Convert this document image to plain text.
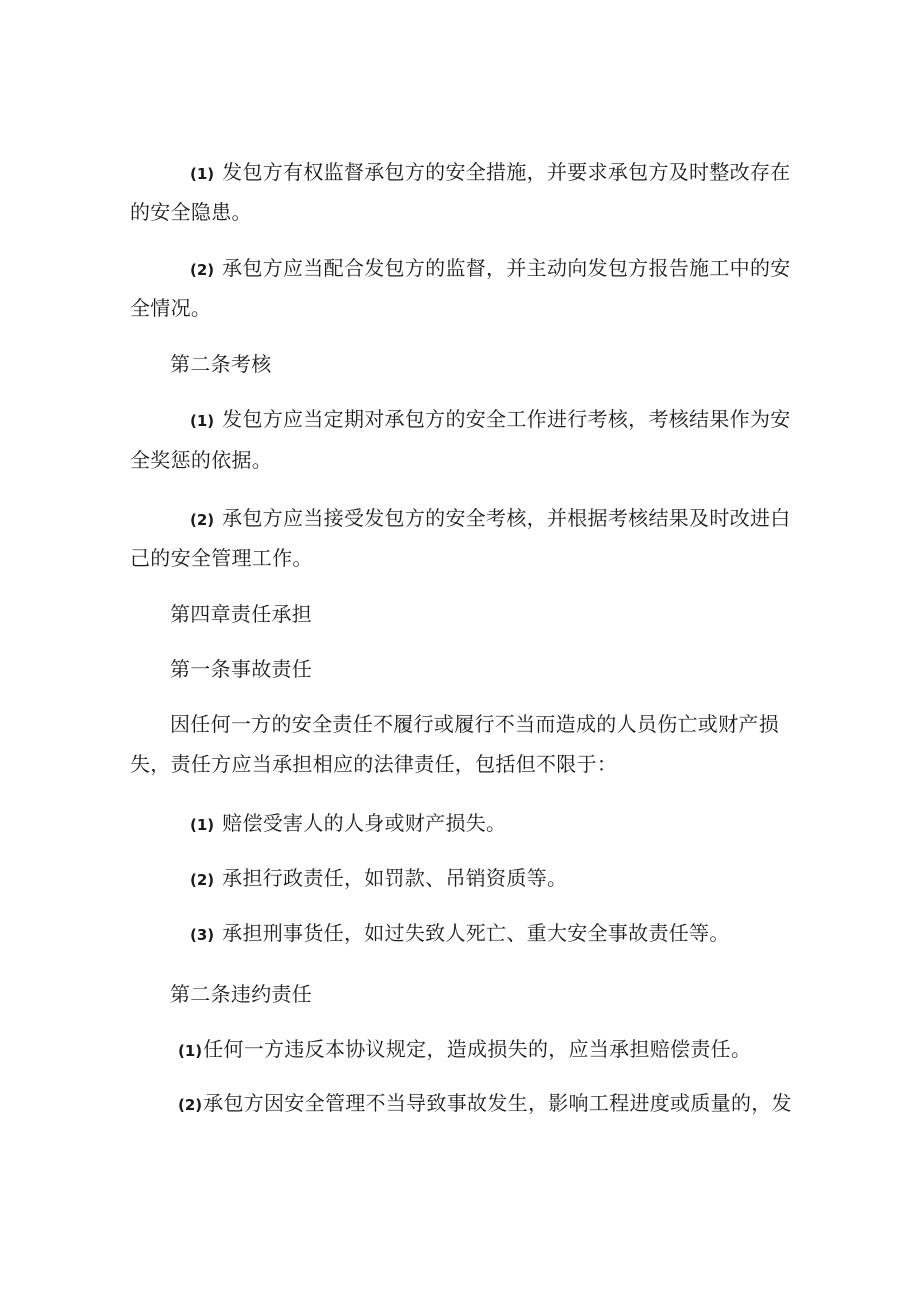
(1) 发包方有权监督承包方的安全措施，并要求承包方及时整改存在
的安全隐患。
(2) 承包方应当配合发包方的监督，并主动向发包方报告施工中的安
全情况。
第二条考核
(1) 发包方应当定期对承包方的安全工作进行考核，考核结果作为安
全奖惩的依据。
(2) 承包方应当接受发包方的安全考核，并根据考核结果及时改进白
己的安全管理工作。
第四章责任承担
第一条事故责任
因任何一方的安全责任不履行或履行不当而造成的人员伤亡或财产损
失，责任方应当承担相应的法律责任，包括但不限于：
(1) 赔偿受害人的人身或财产损失。
(2) 承担行政责任，如罚款、吊销资质等。
(3) 承担刑事货任，如过失致人死亡、重大安全事故责任等。
第二条违约责任
(1)任何一方违反本协议规定，造成损失的，应当承担赔偿责任。
(2)承包方因安全管理不当导致事故发生，影响工程进度或质量的，发
